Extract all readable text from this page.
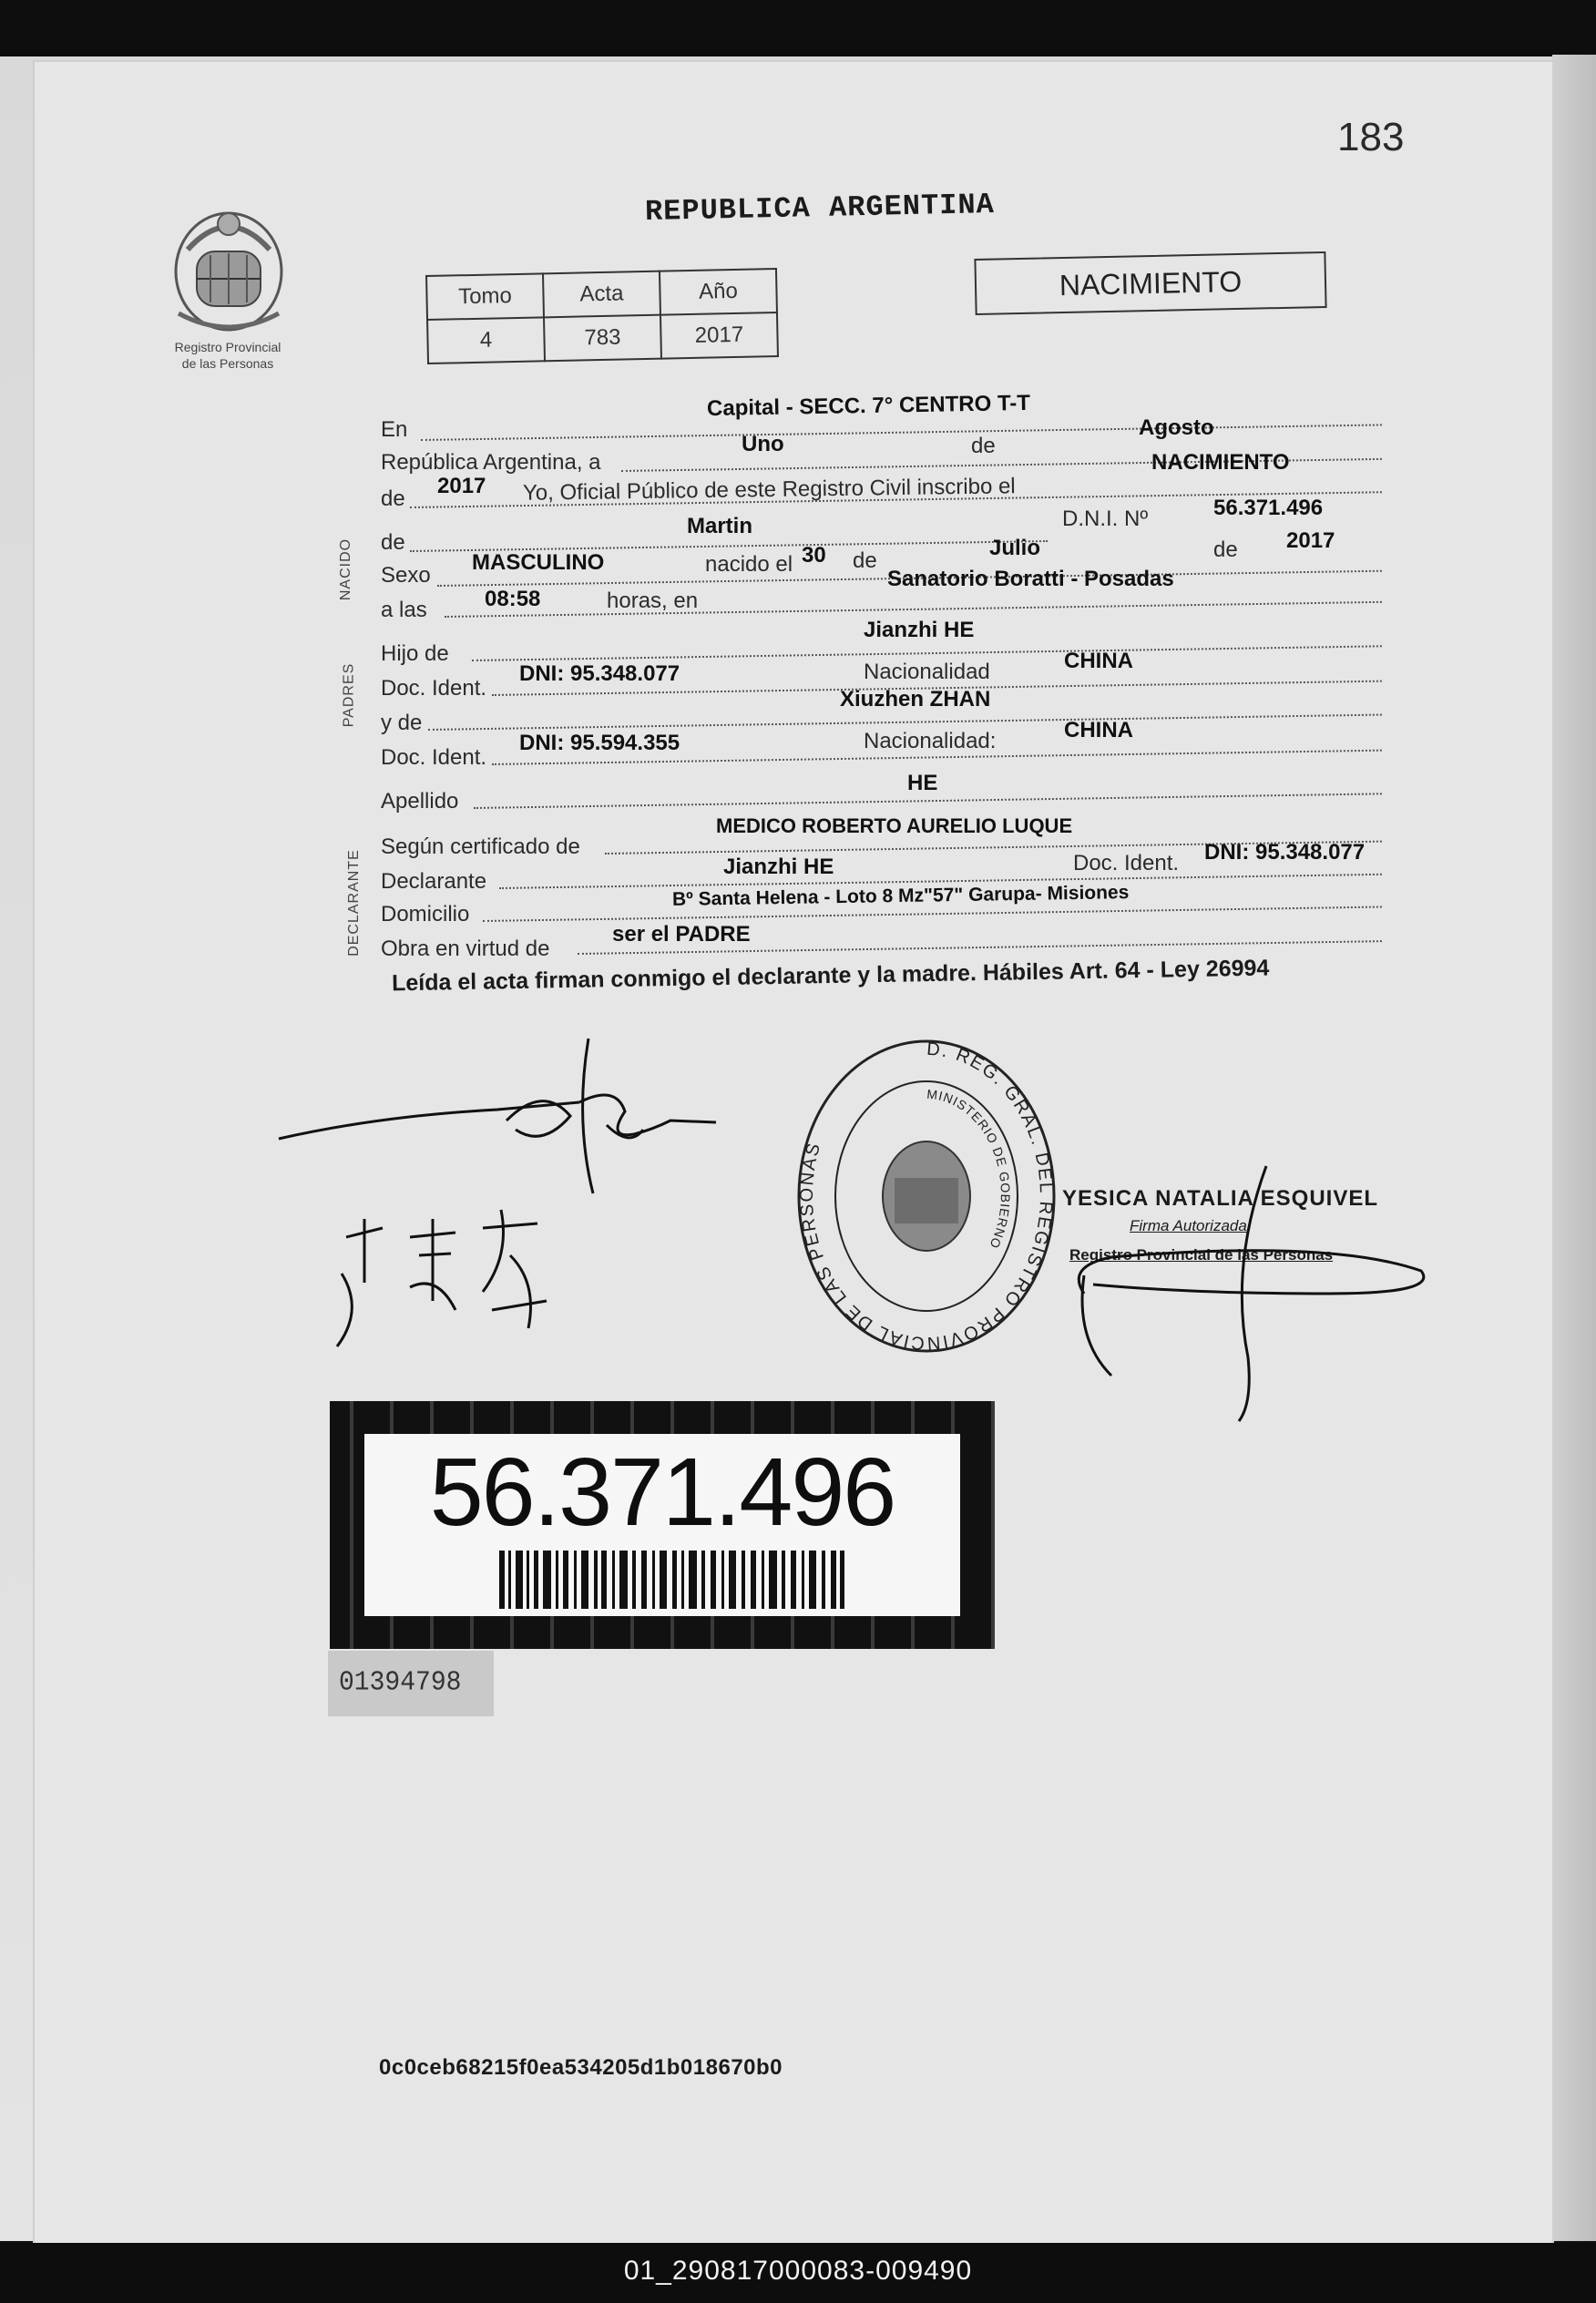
183
Registro Provincial
de las Personas
REPUBLICA ARGENTINA
Tomo	Acta	Año
4	783	2017
NACIMIENTO
NACIDO
PADRES
DECLARANTE
En
Capital - SECC. 7° CENTRO T-T
República Argentina, a
Uno	de
Agosto
de
2017 Yo, Oficial Público de este Registro Civil inscribo el
NACIMIENTO
de
Martin	D.N.I. Nº	56.371.496
Sexo
MASCULINO	nacido el 30 de
Julio	de 2017
a las	08:58	horas, en
Sanatorio Boratti - Posadas
Hijo de
Jianzhi HE
Doc. Ident.
DNI: 95.348.077	Nacionalidad	CHINA
y de
Xiuzhen ZHAN
Doc. Ident.
DNI: 95.594.355	Nacionalidad:	CHINA
Apellido
HE
Según certificado de
MEDICO ROBERTO AURELIO LUQUE
Declarante
Jianzhi HE	Doc. Ident. DNI: 95.348.077
Domicilio
Bº Santa Helena - Loto 8 Mz"57" Garupa- Misiones
Obra en virtud de
ser el PADRE
Leída el acta firman conmigo el declarante y la madre. Hábiles Art. 64 - Ley 26994
D. REG. GRAL. DEL REGISTRO PROVINCIAL DE LAS PERSONAS
MINISTERIO DE GOBIERNO
YESICA NATALIA ESQUIVEL
Firma Autorizada
Registro Provincial de las Personas
56.371.496
01394798
0c0ceb68215f0ea534205d1b018670b0
01_290817000083-009490
